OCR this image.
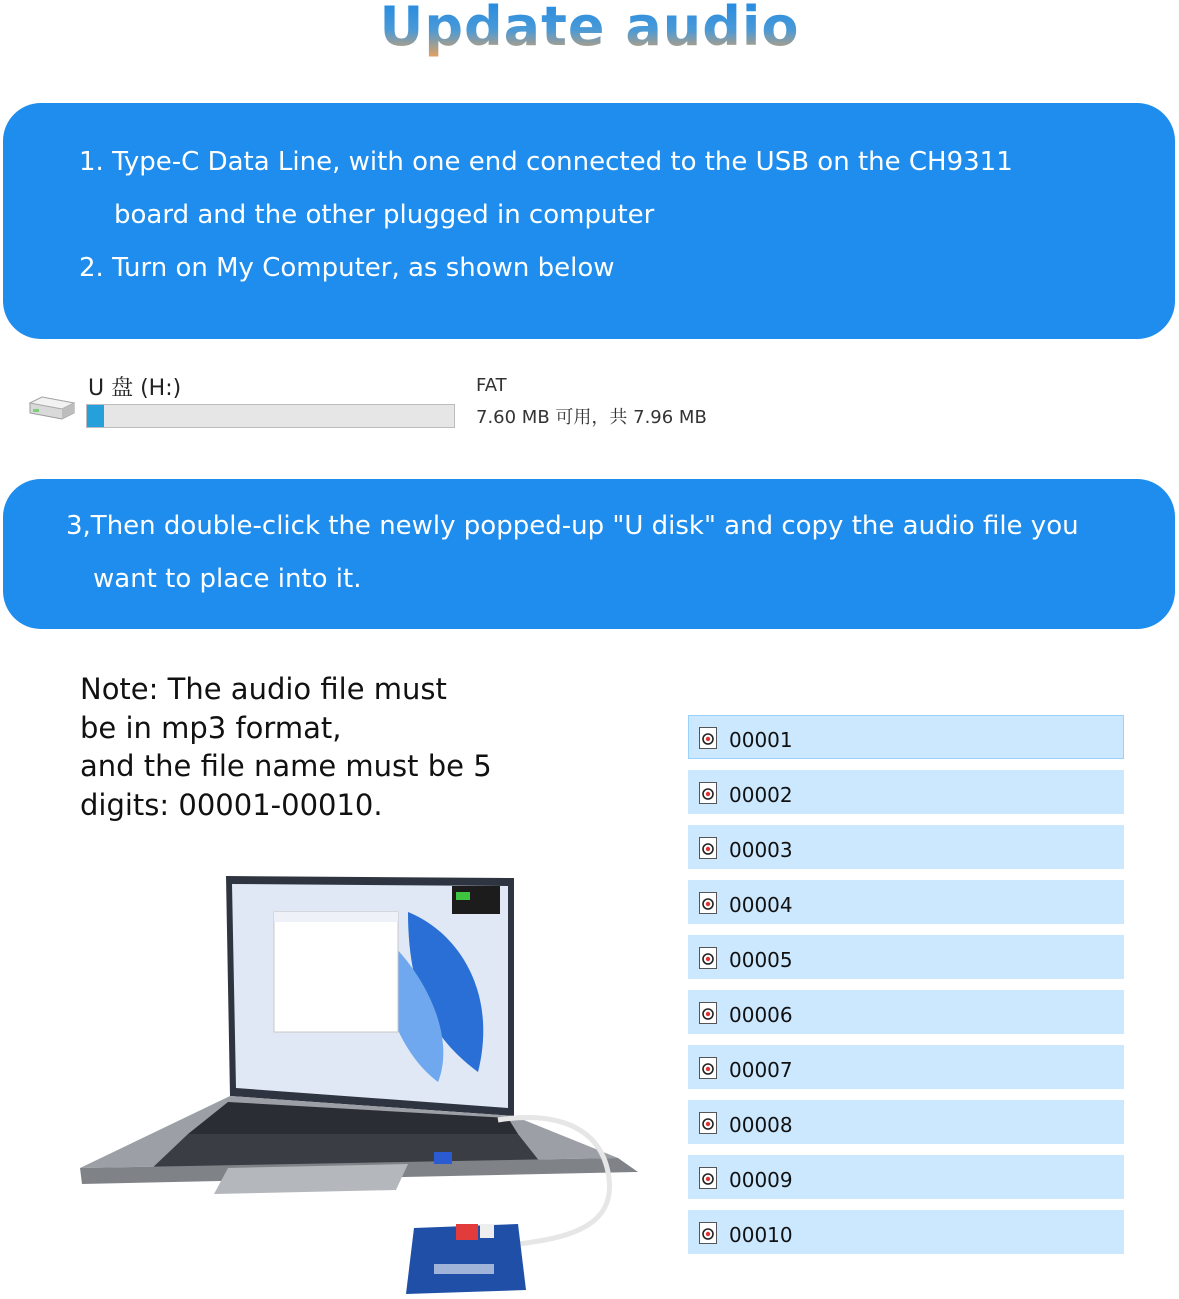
Update audio
1. Type-C Data Line, with one end connected to the USB on the CH9311
board and the other plugged in computer
2. Turn on My Computer, as shown below
U 盘 (H:)	FAT
7.60 MB 可用，共 7.96 MB
3,Then double-click the newly popped-up "U disk" and copy the audio file you
want to place into it.
Note: The audio file must
be in mp3 format,
and the file name must be 5
digits: 00001-00010.
00001
00002
00003
00004
00005
00006
00007
00008
00009
00010
